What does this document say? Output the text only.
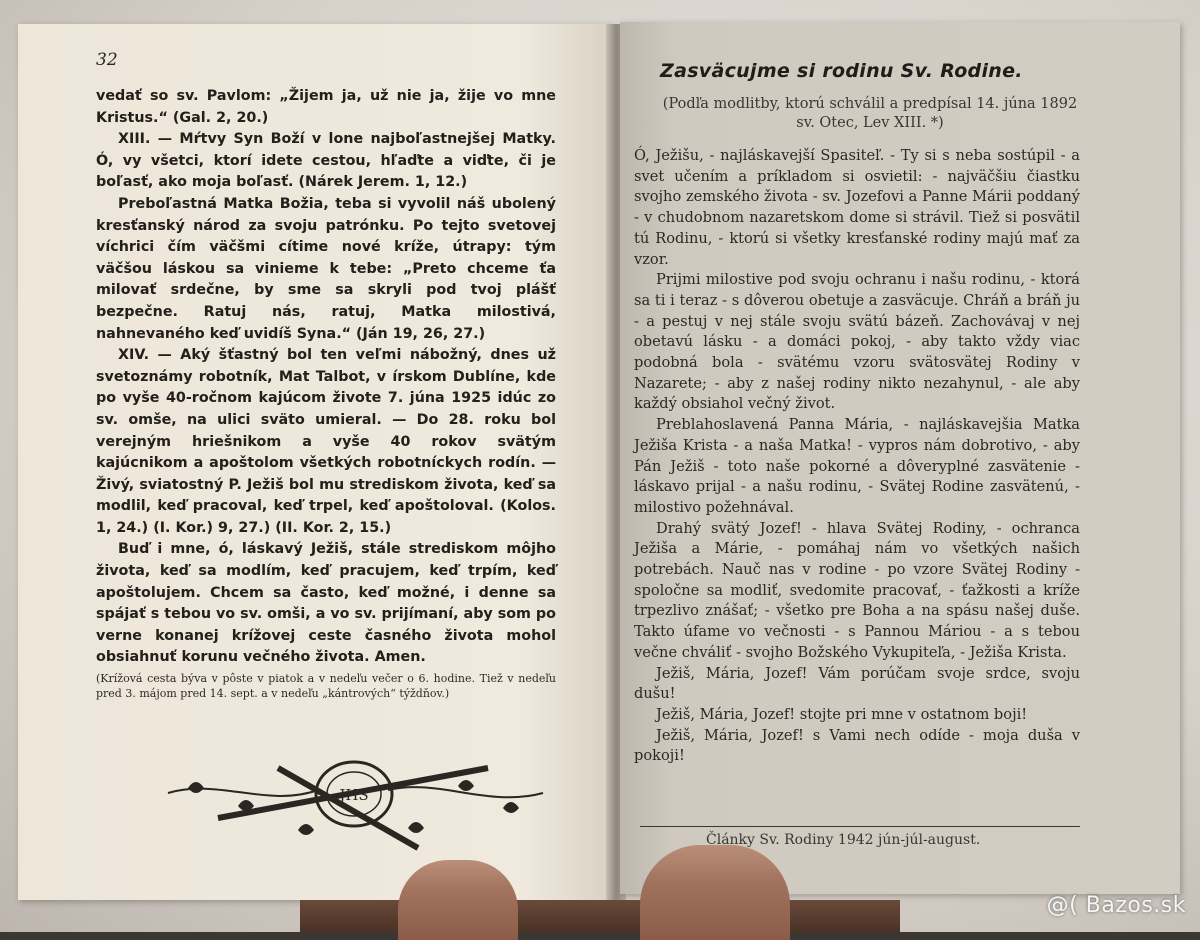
32

vedať so sv. Pavlom: „Žijem ja, už nie ja, žije vo mne Kristus.“ (Gal. 2, 20.)

XIII. — Mŕtvy Syn Boží v lone najboľastnejšej Matky. Ó, vy všetci, ktorí idete cestou, hľaďte a viďte, či je boľasť, ako moja boľasť. (Nárek Jerem. 1, 12.)

Preboľastná Matka Božia, teba si vyvolil náš ubolený kresťanský národ za svoju patrónku. Po tejto svetovej víchrici čím väčšmi cítime nové kríže, útrapy: tým väčšou láskou sa vinieme k tebe: „Preto chceme ťa milovať srdečne, by sme sa skryli pod tvoj plášť bezpečne. Ratuj nás, ratuj, Matka milostivá, nahnevaného keď uvidíš Syna.“ (Ján 19, 26, 27.)

XIV. — Aký šťastný bol ten veľmi nábožný, dnes už svetoznámy robotník, Mat Talbot, v írskom Dublíne, kde po vyše 40-ročnom kajúcom živote 7. júna 1925 idúc zo sv. omše, na ulici sväto umieral. — Do 28. roku bol verejným hriešnikom a vyše 40 rokov svätým kajúcnikom a apoštolom všetkých robotníckych rodín. — Živý, sviatostný P. Ježiš bol mu strediskom života, keď sa modlil, keď pracoval, keď trpel, keď apoštoloval. (Kolos. 1, 24.) (I. Kor.) 9, 27.) (II. Kor. 2, 15.)

Buď i mne, ó, láskavý Ježiš, stále strediskom môjho života, keď sa modlím, keď pracujem, keď trpím, keď apoštolujem. Chcem sa často, keď možné, i denne sa spájať s tebou vo sv. omši, a vo sv. prijímaní, aby som po verne konanej krížovej ceste časného života mohol obsiahnuť korunu večného života. Amen.

(Krížová cesta býva v pôste v piatok a v nedeľu večer o 6. hodine. Tiež v nedeľu pred 3. májom pred 14. sept. a v nedeľu „kántrových“ týždňov.)

JHS
Zasväcujme si rodinu Sv. Rodine.
(Podľa modlitby, ktorú schválil a predpísal 14. júna 1892 sv. Otec, Lev XIII. *)

Ó, Ježišu, - najláskavejší Spasiteľ. - Ty si s neba sostúpil - a svet učením a príkladom si osvietil: - najväčšiu čiastku svojho zemského života - sv. Jozefovi a Panne Márii poddaný - v chudobnom nazaretskom dome si strávil. Tiež si posvätil tú Rodinu, - ktorú si všetky kresťanské rodiny majú mať za vzor.

Prijmi milostive pod svoju ochranu i našu rodinu, - ktorá sa ti i teraz - s dôverou obetuje a zasväcuje. Chráň a bráň ju - a pestuj v nej stále svoju svätú bázeň. Zachovávaj v nej obetavú lásku - a domáci pokoj, - aby takto vždy viac podobná bola - svätému vzoru svätosvätej Rodiny v Nazarete; - aby z našej rodiny nikto nezahynul, - ale aby každý obsiahol večný život.

Preblahoslavená Panna Mária, - najláskavejšia Matka Ježiša Krista - a naša Matka! - vypros nám dobrotivo, - aby Pán Ježiš - toto naše pokorné a dôveryplné zasvätenie - láskavo prijal - a našu rodinu, - Svätej Rodine zasvätenú, - milostivo požehnával.

Drahý svätý Jozef! - hlava Svätej Rodiny, - ochranca Ježiša a Márie, - pomáhaj nám vo všetkých našich potrebách. Nauč nas v rodine - po vzore Svätej Rodiny - spoločne sa modliť, svedomite pracovať, - ťažkosti a kríže trpezlivo znášať; - všetko pre Boha a na spásu našej duše. Takto úfame vo večnosti - s Pannou Máriou - a s tebou večne chváliť - svojho Božského Vykupiteľa, - Ježiša Krista.

Ježiš, Mária, Jozef! Vám porúčam svoje srdce, svoju dušu!

Ježiš, Mária, Jozef! stojte pri mne v ostatnom boji!

Ježiš, Mária, Jozef! s Vami nech odíde - moja duša v pokoji!

Články Sv. Rodiny 1942 jún-júl-august.
@( Bazos.sk
